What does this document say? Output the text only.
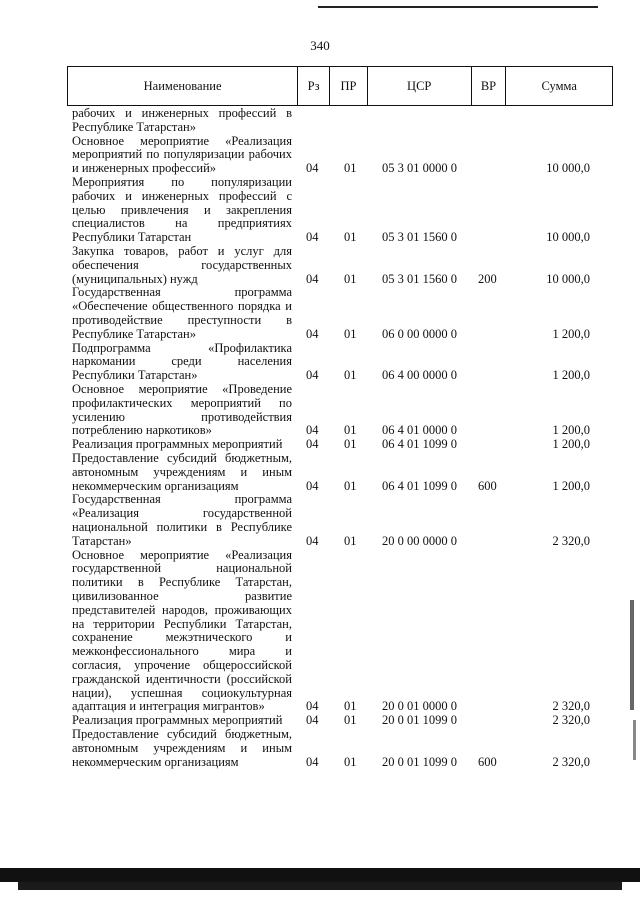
340
Наименование	Рз	ПР	ЦСР	ВР	Сумма
рабочих и инженерных профессий в
Республике Татарстан»
Основное мероприятие «Реализация
мероприятий по популяризации рабочих
и инженерных профессий»	04 01 05 3 01 0000 0	10 000,0
Мероприятия по популяризации
рабочих и инженерных профессий с
целью привлечения и закрепления
специалистов на предприятиях
Республики Татарстан	04 01 05 3 01 1560 0	10 000,0
Закупка товаров, работ и услуг для
обеспечения государственных
(муниципальных) нужд	04 01 05 3 01 1560 0 200	10 000,0
Государственная программа
«Обеспечение общественного порядка и
противодействие преступности в
Республике Татарстан»	04 01 06 0 00 0000 0	1 200,0
Подпрограмма «Профилактика
наркомании среди населения
Республики Татарстан»	04 01 06 4 00 0000 0	1 200,0
Основное мероприятие «Проведение
профилактических мероприятий по
усилению противодействия
потреблению наркотиков»	04 01 06 4 01 0000 0	1 200,0
Реализация программных мероприятий	04 01 06 4 01 1099 0	1 200,0
Предоставление субсидий бюджетным,
автономным учреждениям и иным
некоммерческим организациям	04 01 06 4 01 1099 0 600	1 200,0
Государственная программа
«Реализация государственной
национальной политики в Республике
Татарстан»	04 01 20 0 00 0000 0	2 320,0
Основное мероприятие «Реализация
государственной национальной
политики в Республике Татарстан,
цивилизованное развитие
представителей народов, проживающих
на территории Республики Татарстан,
сохранение межэтнического и
межконфессионального мира и
согласия, упрочение общероссийской
гражданской идентичности (российской
нации), успешная социокультурная
адаптация и интеграция мигрантов»	04 01 20 0 01 0000 0	2 320,0
Реализация программных мероприятий	04 01 20 0 01 1099 0	2 320,0
Предоставление субсидий бюджетным,
автономным учреждениям и иным
некоммерческим организациям	04 01 20 0 01 1099 0 600	2 320,0
